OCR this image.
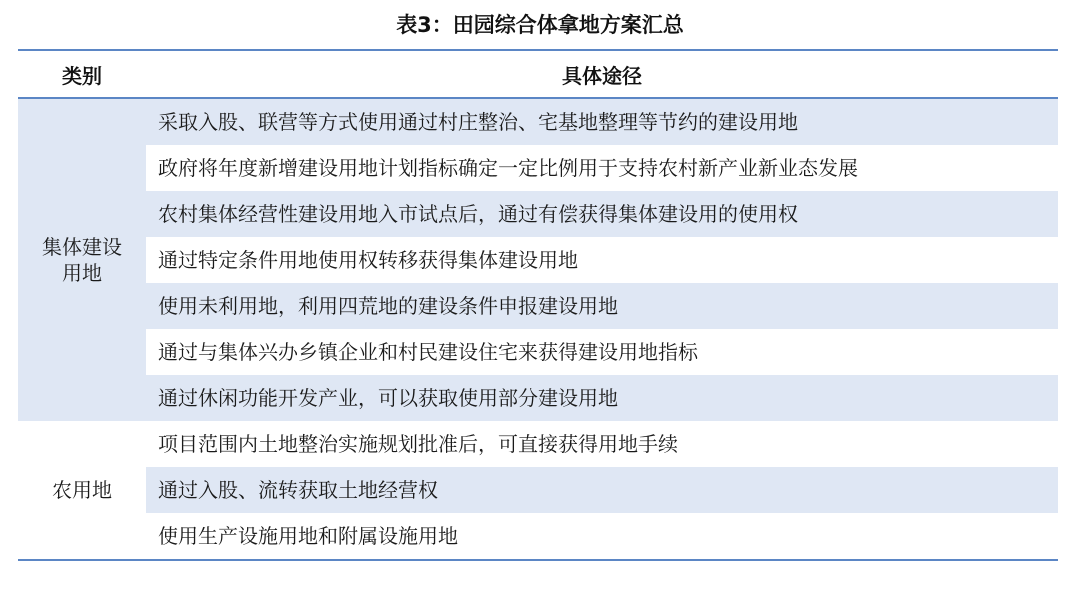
表3：田园综合体拿地方案汇总
类别	具体途径

集体建设
用地	采取入股、联营等方式使用通过村庄整治、宅基地整理等节约的建设用地
	政府将年度新增建设用地计划指标确定一定比例用于支持农村新产业新业态发展
	农村集体经营性建设用地入市试点后，通过有偿获得集体建设用的使用权
	通过特定条件用地使用权转移获得集体建设用地
	使用未利用地，利用四荒地的建设条件申报建设用地
	通过与集体兴办乡镇企业和村民建设住宅来获得建设用地指标
	通过休闲功能开发产业，可以获取使用部分建设用地

农用地	项目范围内土地整治实施规划批准后，可直接获得用地手续
	通过入股、流转获取土地经营权
	使用生产设施用地和附属设施用地
